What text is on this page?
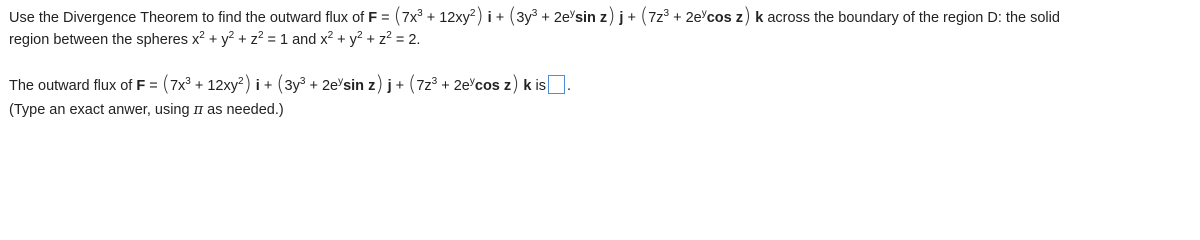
Use the Divergence Theorem to find the outward flux of $F = (7x^3 + 12xy^2) i + (3y^3 + 2e^y\sin$ z) $j + (7z^3 + 2e^y\cos$ z) k across the boundary of the region D: the solid
region between the spheres $x^2 + y^2 + z^2 = 1$ and $x^2 + y^2 + z^2 = 2$.
The outward flux of $F = (7x^3 + 12xy^2) i + (3y^3 + 2e^y\sin$ z) $j + (7z^3 + 2e^y\cos$ z) k is .
(Type an exact anwer, using π as needed.)
